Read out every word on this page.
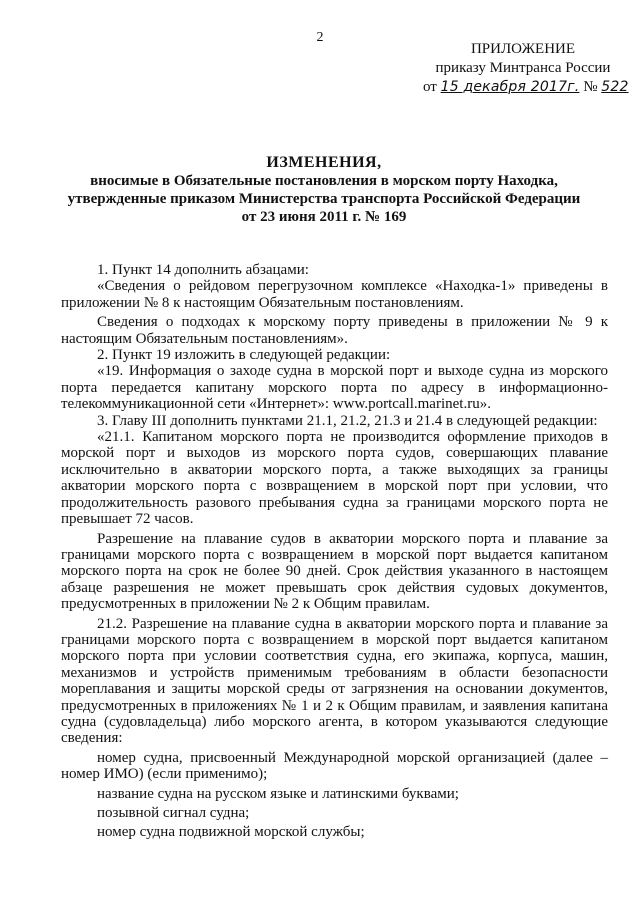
2
ПРИЛОЖЕНИЕ
приказу Минтранса России
от 15 декабря 2017г. № 522
ИЗМЕНЕНИЯ,
вносимые в Обязательные постановления в морском порту Находка,
утвержденные приказом Министерства транспорта Российской Федерации
от 23 июня 2011 г. № 169

1. Пункт 14 дополнить абзацами:

«Сведения о рейдовом перегрузочном комплексе «Находка-1» приведены в приложении № 8 к настоящим Обязательным постановлениям.

Сведения о подходах к морскому порту приведены в приложении № 9 к настоящим Обязательным постановлениям».

2. Пункт 19 изложить в следующей редакции:

«19. Информация о заходе судна в морской порт и выходе судна из морского порта передается капитану морского порта по адресу в информационно-телекоммуникационной сети «Интернет»: www.portcall.marinet.ru».

3. Главу III дополнить пунктами 21.1, 21.2, 21.3 и 21.4 в следующей редакции:

«21.1. Капитаном морского порта не производится оформление приходов в морской порт и выходов из морского порта судов, совершающих плавание исключительно в акватории морского порта, а также выходящих за границы акватории морского порта с возвращением в морской порт при условии, что продолжительность разового пребывания судна за границами морского порта не превышает 72 часов.

Разрешение на плавание судов в акватории морского порта и плавание за границами морского порта с возвращением в морской порт выдается капитаном морского порта на срок не более 90 дней. Срок действия указанного в настоящем абзаце разрешения не может превышать срок действия судовых документов, предусмотренных в приложении № 2 к Общим правилам.

21.2. Разрешение на плавание судна в акватории морского порта и плавание за границами морского порта с возвращением в морской порт выдается капитаном морского порта при условии соответствия судна, его экипажа, корпуса, машин, механизмов и устройств применимым требованиям в области безопасности мореплавания и защиты морской среды от загрязнения на основании документов, предусмотренных в приложениях № 1 и 2 к Общим правилам, и заявления капитана судна (судовладельца) либо морского агента, в котором указываются следующие сведения:

номер судна, присвоенный Международной морской организацией (далее – номер ИМО) (если применимо);

название судна на русском языке и латинскими буквами;

позывной сигнал судна;

номер судна подвижной морской службы;
